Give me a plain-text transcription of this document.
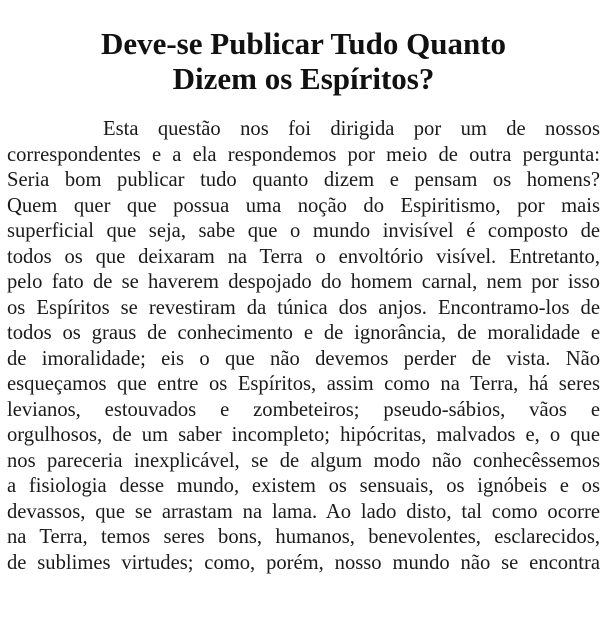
Deve-se Publicar Tudo Quanto
Dizem os Espíritos?
Esta questão nos foi dirigida por um de nossos
correspondentes e a ela respondemos por meio de outra pergunta:
Seria bom publicar tudo quanto dizem e pensam os homens?
Quem quer que possua uma noção do Espiritismo, por mais
superficial que seja, sabe que o mundo invisível é composto de
todos os que deixaram na Terra o envoltório visível. Entretanto,
pelo fato de se haverem despojado do homem carnal, nem por isso
os Espíritos se revestiram da túnica dos anjos. Encontramo-los de
todos os graus de conhecimento e de ignorância, de moralidade e
de imoralidade; eis o que não devemos perder de vista. Não
esqueçamos que entre os Espíritos, assim como na Terra, há seres
levianos, estouvados e zombeteiros; pseudo-sábios, vãos e
orgulhosos, de um saber incompleto; hipócritas, malvados e, o que
nos pareceria inexplicável, se de algum modo não conhecêssemos
a fisiologia desse mundo, existem os sensuais, os ignóbeis e os
devassos, que se arrastam na lama. Ao lado disto, tal como ocorre
na Terra, temos seres bons, humanos, benevolentes, esclarecidos,
de sublimes virtudes; como, porém, nosso mundo não se encontra
